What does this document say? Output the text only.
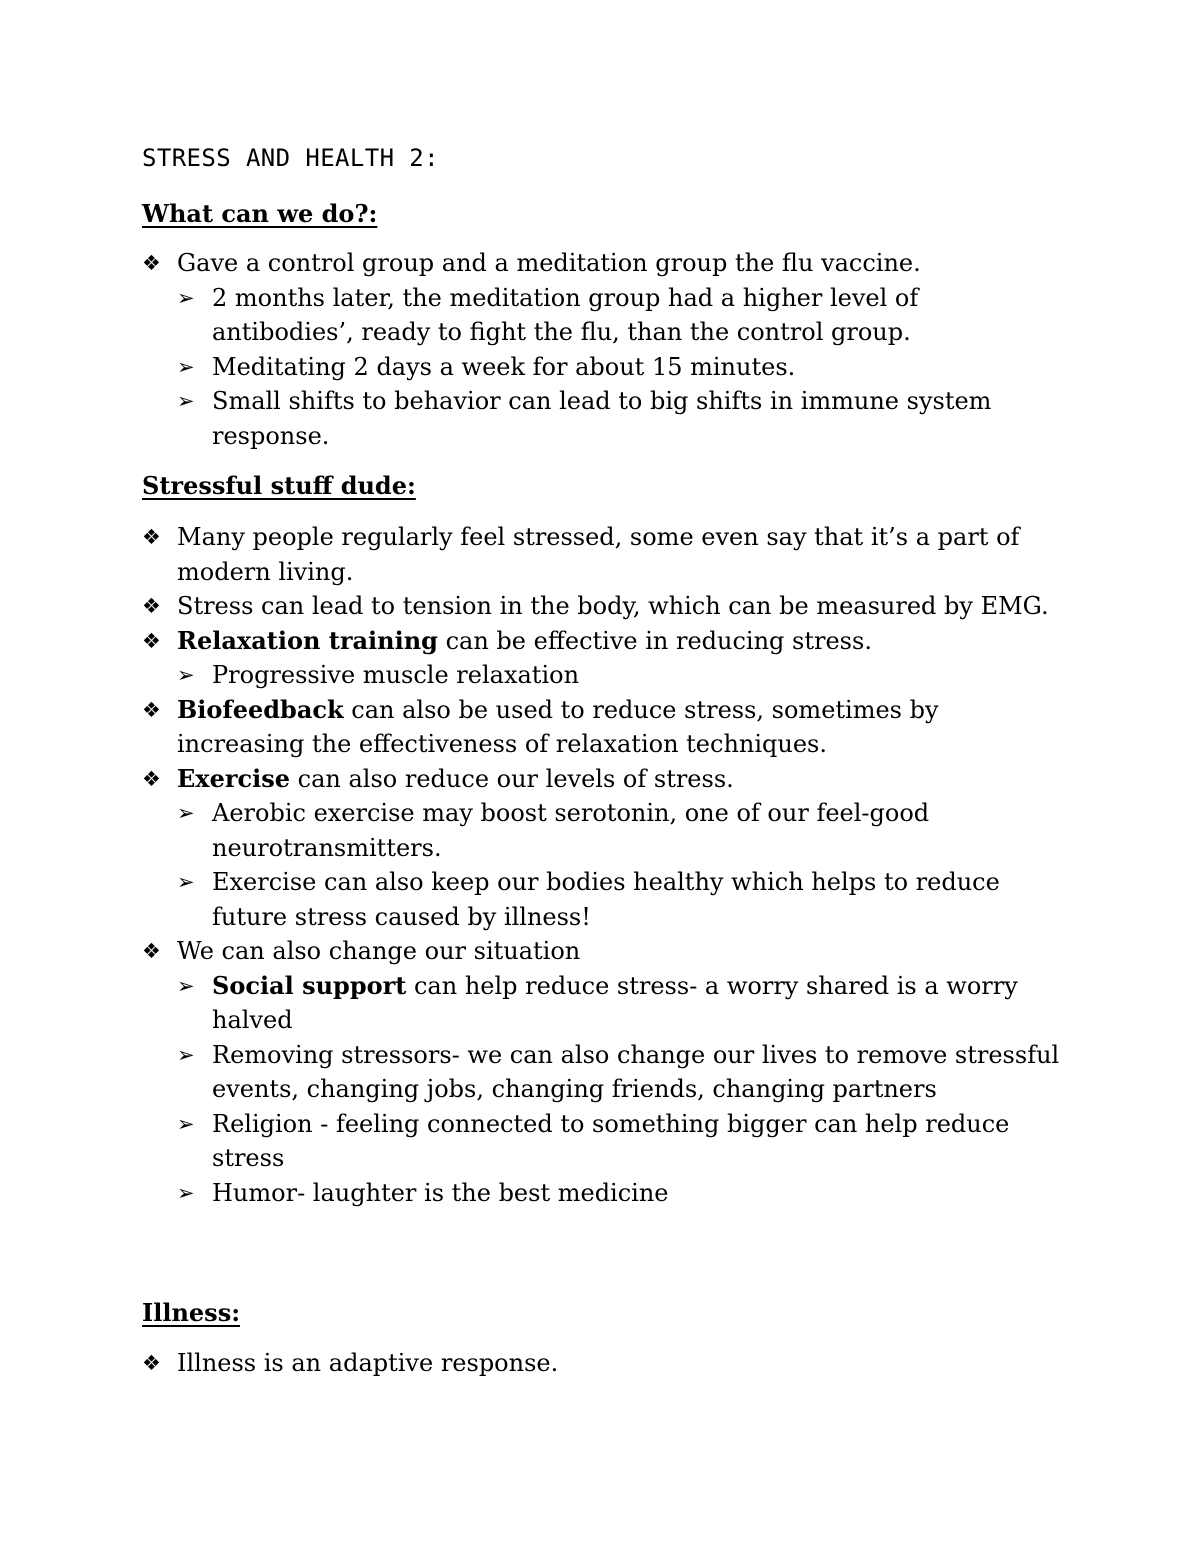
STRESS AND HEALTH 2:
What can we do?:
❖ Gave a control group and a meditation group the flu vaccine.
➢ 2 months later, the meditation group had a higher level of antibodies’, ready to fight the flu, than the control group.
➢ Meditating 2 days a week for about 15 minutes.
➢ Small shifts to behavior can lead to big shifts in immune system response.
Stressful stuff dude:
❖ Many people regularly feel stressed, some even say that it’s a part of modern living.
❖ Stress can lead to tension in the body, which can be measured by EMG.
❖ Relaxation training can be effective in reducing stress.
➢ Progressive muscle relaxation
❖ Biofeedback can also be used to reduce stress, sometimes by increasing the effectiveness of relaxation techniques.
❖ Exercise can also reduce our levels of stress.
➢ Aerobic exercise may boost serotonin, one of our feel-good neurotransmitters.
➢ Exercise can also keep our bodies healthy which helps to reduce future stress caused by illness!
❖ We can also change our situation
➢ Social support can help reduce stress- a worry shared is a worry halved
➢ Removing stressors- we can also change our lives to remove stressful events, changing jobs, changing friends, changing partners
➢ Religion - feeling connected to something bigger can help reduce stress
➢ Humor- laughter is the best medicine
Illness:
❖ Illness is an adaptive response.
